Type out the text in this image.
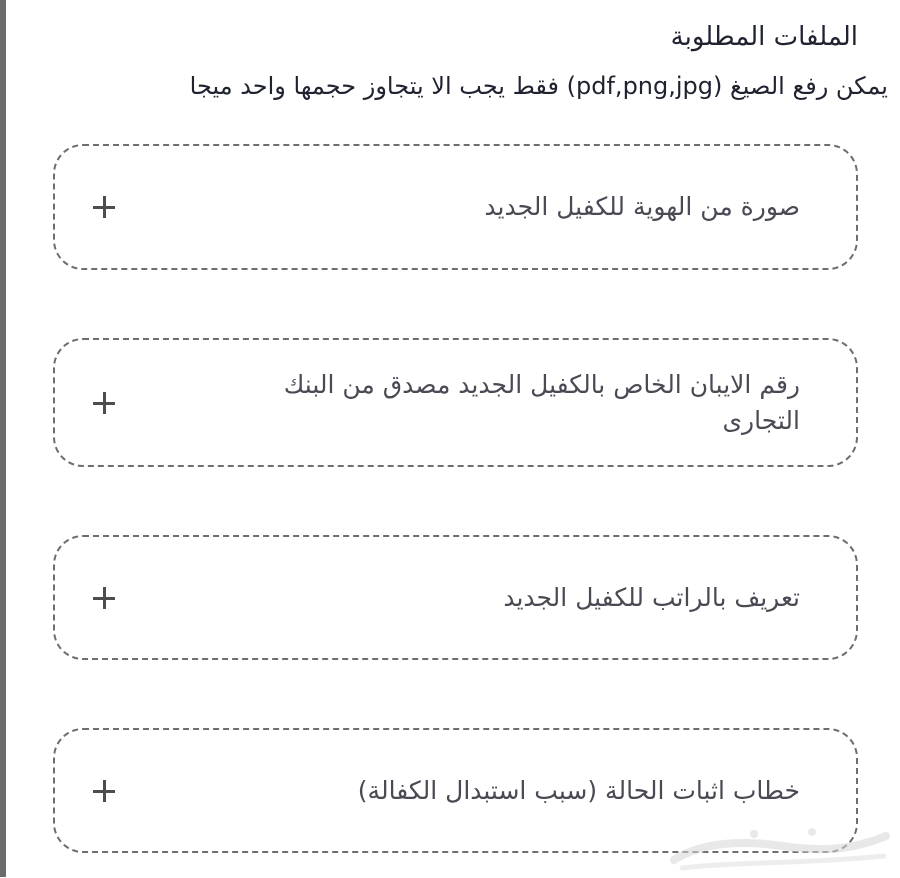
الملفات المطلوبة
يمكن رفع الصيغ (pdf,png,jpg) فقط يجب الا يتجاوز حجمها واحد ميجا
صورة من الهوية للكفيل الجديد
رقم الايبان الخاص بالكفيل الجديد مصدق من البنك التجارى
تعريف بالراتب للكفيل الجديد
خطاب اثبات الحالة (سبب استبدال الكفالة)
